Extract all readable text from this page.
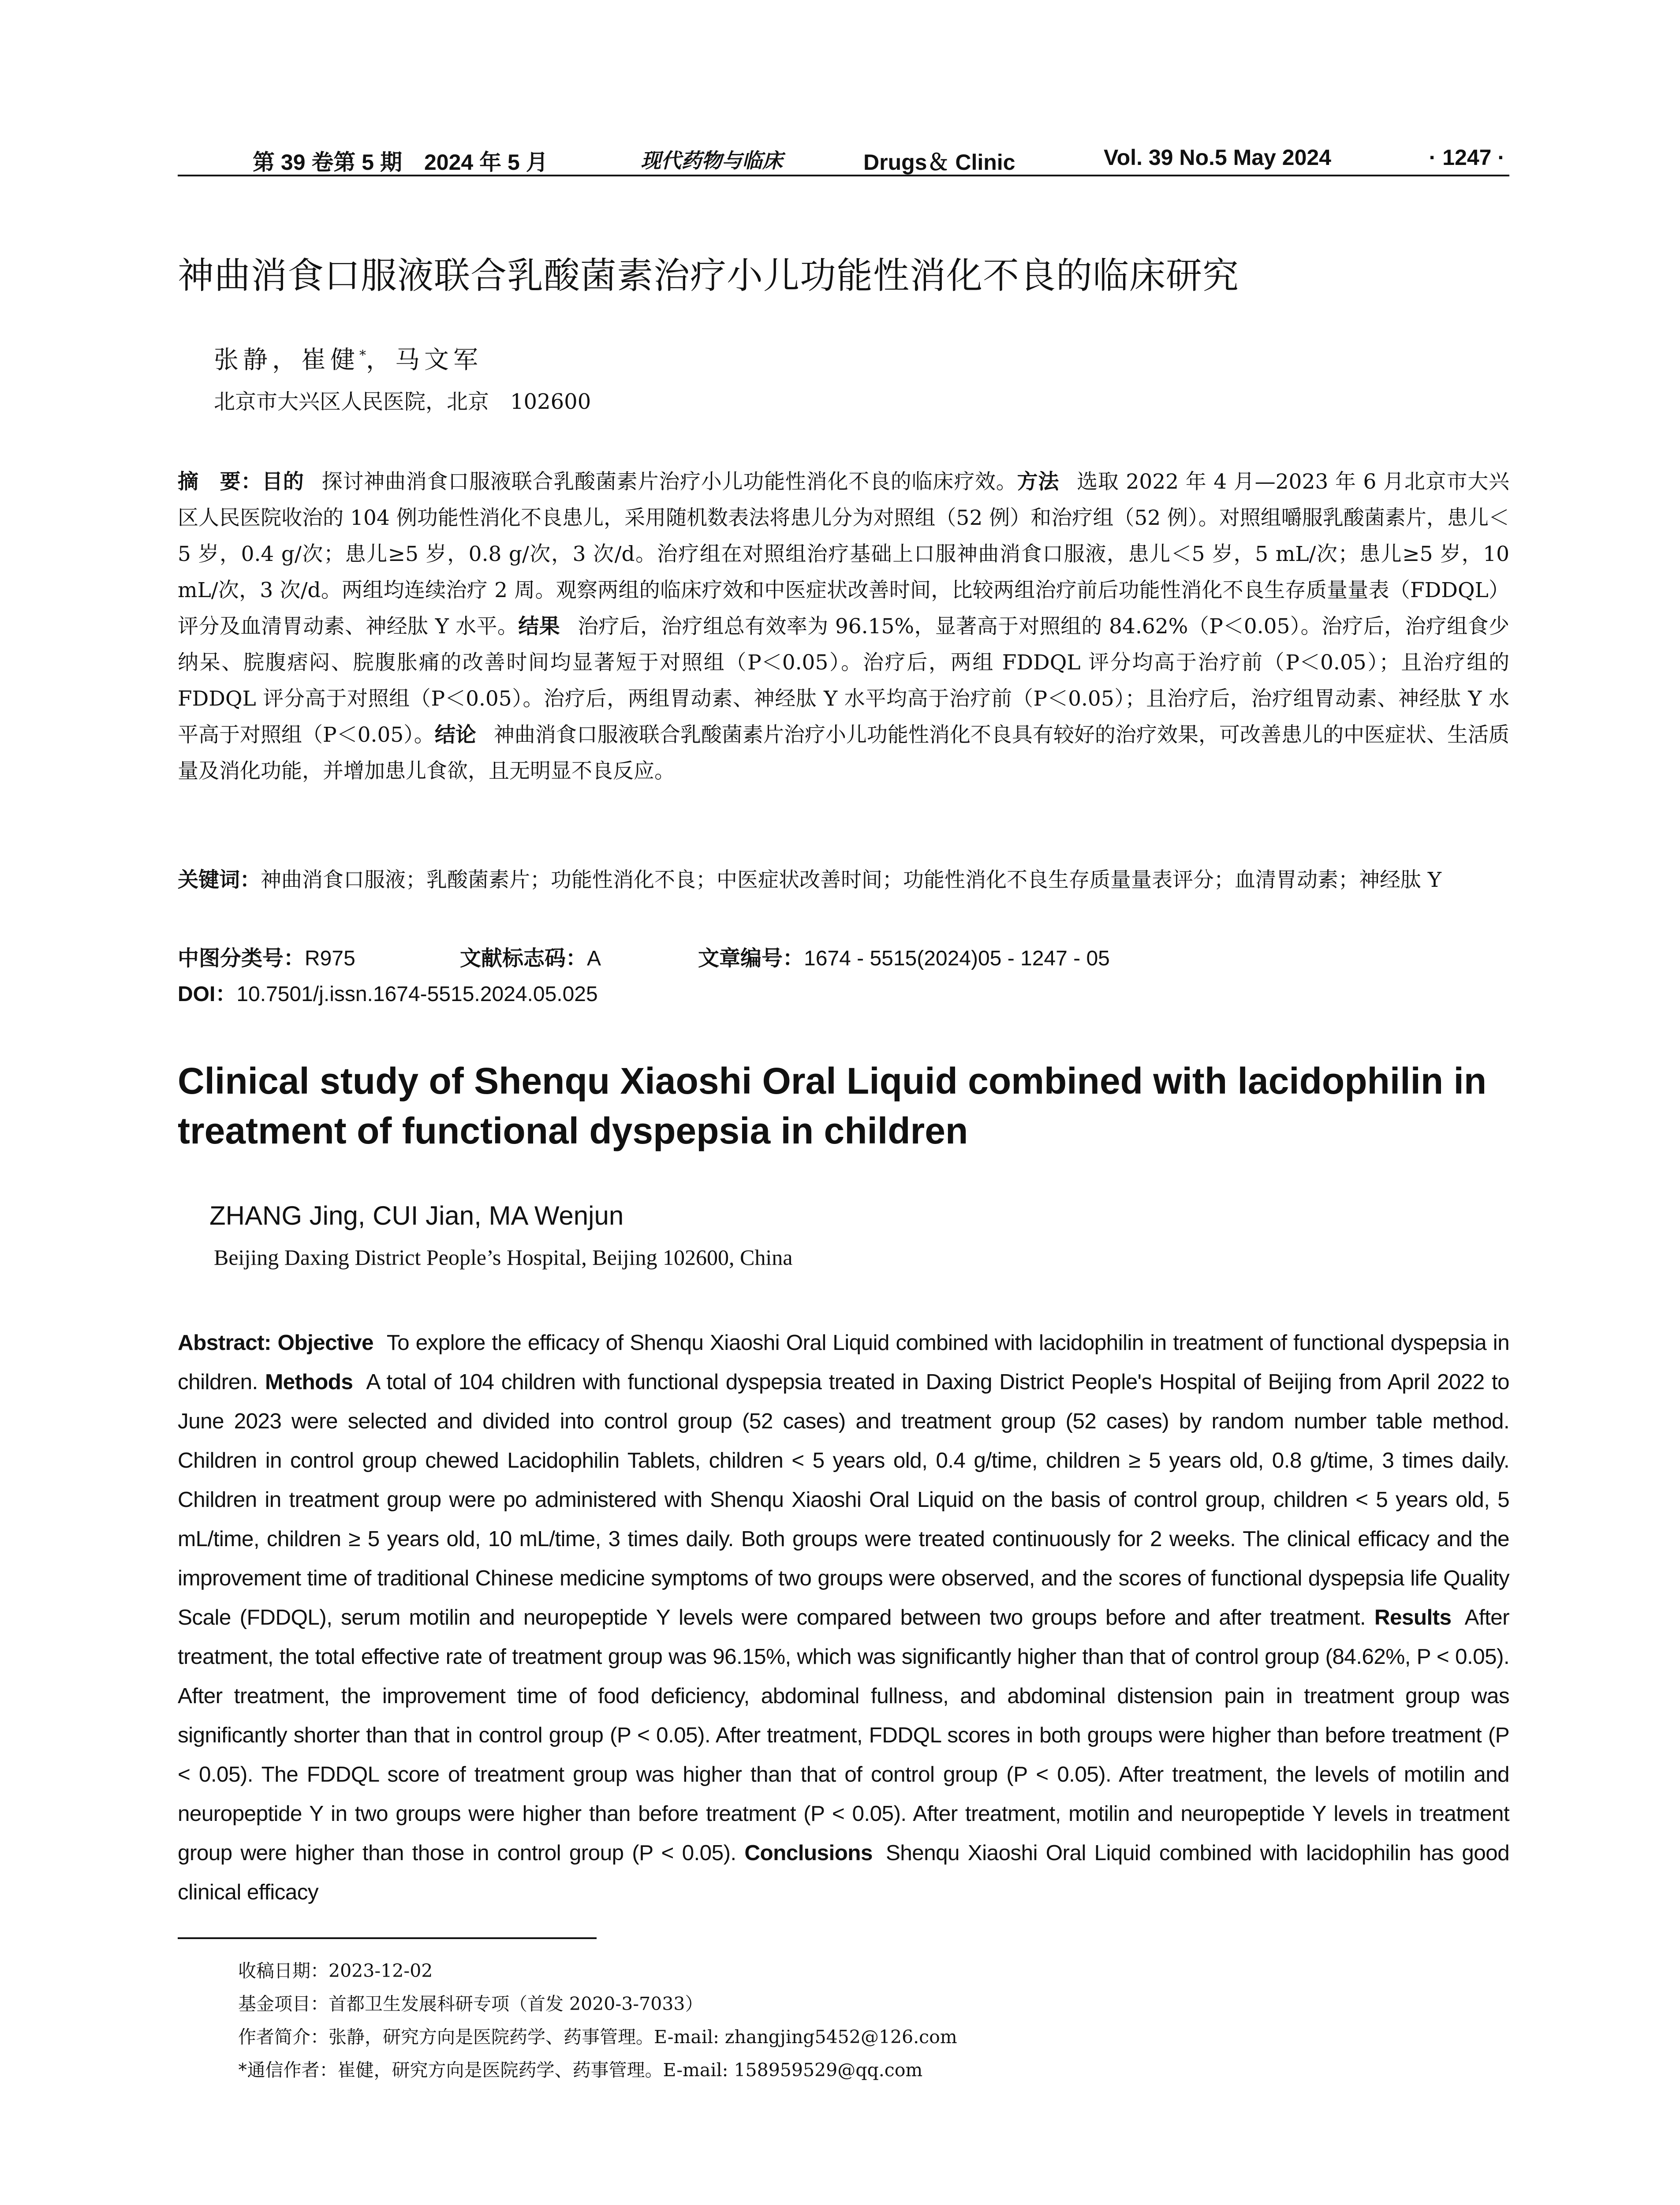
第 39 卷第 5 期　2024 年 5 月	现代药物与临床	Drugs＆ Clinic	Vol. 39 No.5 May 2024	· 1247 ·
神曲消食口服液联合乳酸菌素治疗小儿功能性消化不良的临床研究
张静，崔健*，马文军
北京市大兴区人民医院，北京　102600
摘　要：目的 探讨神曲消食口服液联合乳酸菌素片治疗小儿功能性消化不良的临床疗效。方法 选取 2022 年 4 月—2023 年 6 月北京市大兴区人民医院收治的 104 例功能性消化不良患儿，采用随机数表法将患儿分为对照组（52 例）和治疗组（52 例）。对照组嚼服乳酸菌素片，患儿＜5 岁，0.4 g/次；患儿≥5 岁，0.8 g/次，3 次/d。治疗组在对照组治疗基础上口服神曲消食口服液，患儿＜5 岁，5 mL/次；患儿≥5 岁，10 mL/次，3 次/d。两组均连续治疗 2 周。观察两组的临床疗效和中医症状改善时间，比较两组治疗前后功能性消化不良生存质量量表（FDDQL）评分及血清胃动素、神经肽 Y 水平。结果 治疗后，治疗组总有效率为 96.15%，显著高于对照组的 84.62%（P＜0.05）。治疗后，治疗组食少纳呆、脘腹痞闷、脘腹胀痛的改善时间均显著短于对照组（P＜0.05）。治疗后，两组 FDDQL 评分均高于治疗前（P＜0.05）；且治疗组的 FDDQL 评分高于对照组（P＜0.05）。治疗后，两组胃动素、神经肽 Y 水平均高于治疗前（P＜0.05）；且治疗后，治疗组胃动素、神经肽 Y 水平高于对照组（P＜0.05）。结论 神曲消食口服液联合乳酸菌素片治疗小儿功能性消化不良具有较好的治疗效果，可改善患儿的中医症状、生活质量及消化功能，并增加患儿食欲，且无明显不良反应。
关键词：神曲消食口服液；乳酸菌素片；功能性消化不良；中医症状改善时间；功能性消化不良生存质量量表评分；血清胃动素；神经肽 Y
中图分类号：R975	文献标志码：A	文章编号：1674 - 5515(2024)05 - 1247 - 05
DOI：10.7501/j.issn.1674-5515.2024.05.025
Clinical study of Shenqu Xiaoshi Oral Liquid combined with lacidophilin in treatment of functional dyspepsia in children
ZHANG Jing, CUI Jian, MA Wenjun
Beijing Daxing District People’s Hospital, Beijing 102600, China
Abstract: Objective To explore the efficacy of Shenqu Xiaoshi Oral Liquid combined with lacidophilin in treatment of functional dyspepsia in children. Methods A total of 104 children with functional dyspepsia treated in Daxing District People's Hospital of Beijing from April 2022 to June 2023 were selected and divided into control group (52 cases) and treatment group (52 cases) by random number table method. Children in control group chewed Lacidophilin Tablets, children < 5 years old, 0.4 g/time, children ≥ 5 years old, 0.8 g/time, 3 times daily. Children in treatment group were po administered with Shenqu Xiaoshi Oral Liquid on the basis of control group, children < 5 years old, 5 mL/time, children ≥ 5 years old, 10 mL/time, 3 times daily. Both groups were treated continuously for 2 weeks. The clinical efficacy and the improvement time of traditional Chinese medicine symptoms of two groups were observed, and the scores of functional dyspepsia life Quality Scale (FDDQL), serum motilin and neuropeptide Y levels were compared between two groups before and after treatment. Results After treatment, the total effective rate of treatment group was 96.15%, which was significantly higher than that of control group (84.62%, P < 0.05). After treatment, the improvement time of food deficiency, abdominal fullness, and abdominal distension pain in treatment group was significantly shorter than that in control group (P < 0.05). After treatment, FDDQL scores in both groups were higher than before treatment (P < 0.05). The FDDQL score of treatment group was higher than that of control group (P < 0.05). After treatment, the levels of motilin and neuropeptide Y in two groups were higher than before treatment (P < 0.05). After treatment, motilin and neuropeptide Y levels in treatment group were higher than those in control group (P < 0.05). Conclusions Shenqu Xiaoshi Oral Liquid combined with lacidophilin has good clinical efficacy
收稿日期：2023-12-02
基金项目：首都卫生发展科研专项（首发 2020-3-7033）
作者简介：张静，研究方向是医院药学、药事管理。E-mail: zhangjing5452@126.com
*通信作者：崔健，研究方向是医院药学、药事管理。E-mail: 158959529@qq.com
